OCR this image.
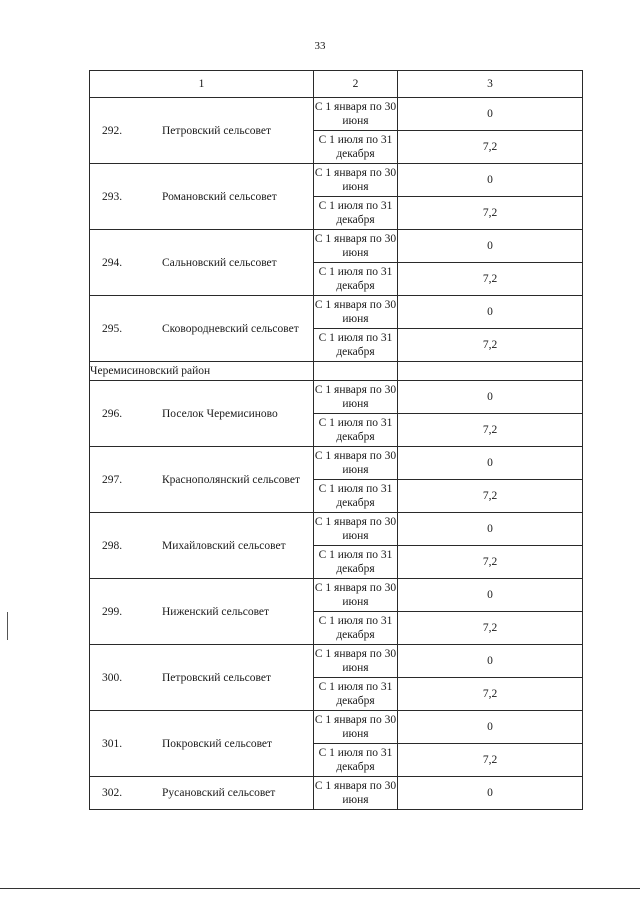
33
1	2	3
292. Петровский сельсовет	С 1 января по 30 июня	0
	С 1 июля по 31 декабря	7,2
293. Романовский сельсовет	С 1 января по 30 июня	0
	С 1 июля по 31 декабря	7,2
294. Сальновский сельсовет	С 1 января по 30 июня	0
	С 1 июля по 31 декабря	7,2
295. Сковородневский сельсовет	С 1 января по 30 июня	0
	С 1 июля по 31 декабря	7,2
Черемисиновский район		
296. Поселок Черемисиново	С 1 января по 30 июня	0
	С 1 июля по 31 декабря	7,2
297. Краснополянский сельсовет	С 1 января по 30 июня	0
	С 1 июля по 31 декабря	7,2
298. Михайловский сельсовет	С 1 января по 30 июня	0
	С 1 июля по 31 декабря	7,2
299. Ниженский сельсовет	С 1 января по 30 июня	0
	С 1 июля по 31 декабря	7,2
300. Петровский сельсовет	С 1 января по 30 июня	0
	С 1 июля по 31 декабря	7,2
301. Покровский сельсовет	С 1 января по 30 июня	0
	С 1 июля по 31 декабря	7,2
302. Русановский сельсовет	С 1 января по 30 июня	0
